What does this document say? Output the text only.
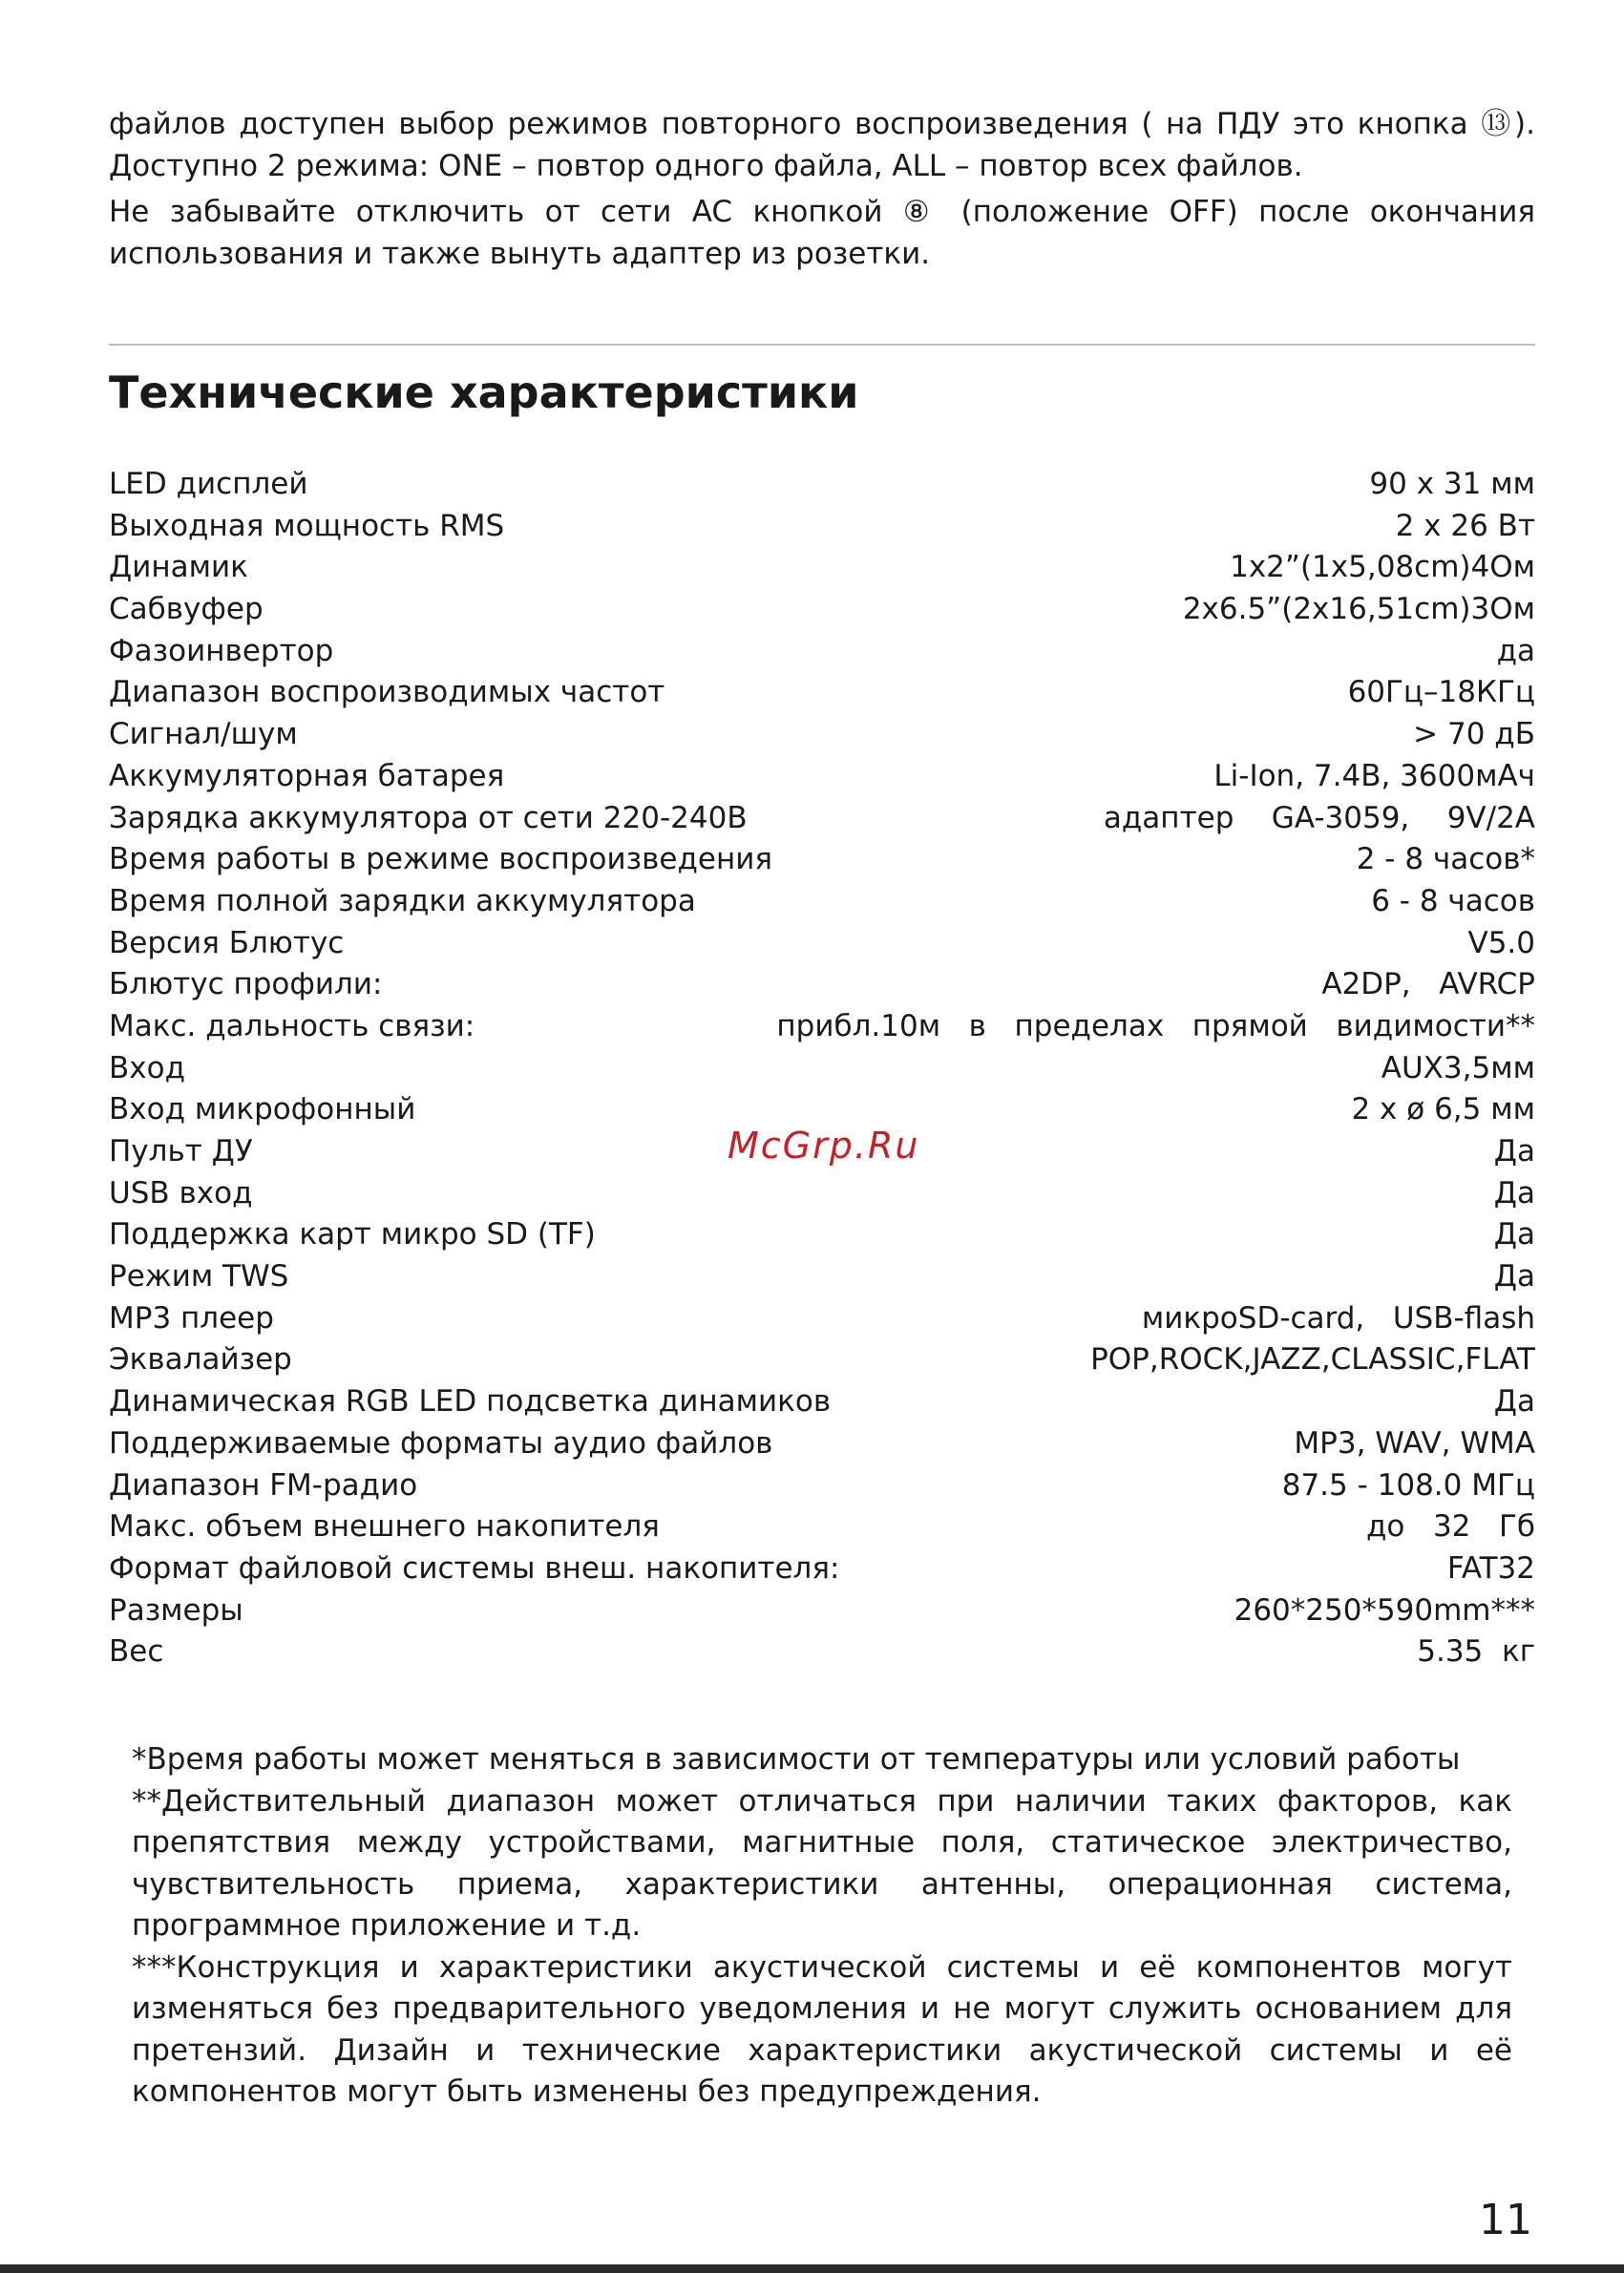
файлов доступен выбор режимов повторного воспроизведения ( на ПДУ это кнопка ⑬). Доступно 2 режима: ONE – повтор одного файла, ALL – повтор всех файлов.

Не забывайте отключить от сети AC кнопкой ⑧ (положение OFF) после окончания использования и также вынуть адаптер из розетки.

Технические характеристики
LED дисплей	90 х 31 мм
Выходная мощность RMS	2 х 26 Вт
Динамик	1х2”(1х5,08cm)4Ом
Сабвуфер	2х6.5”(2х16,51cm)3Ом
Фазоинвертор	да
Диапазон воспроизводимых частот	60Гц–18КГц
Сигнал/шум	> 70 дБ
Аккумуляторная батарея	Li-Ion, 7.4В, 3600мАч
Зарядка аккумулятора от сети 220-240В	адаптер    GA-3059,    9V/2A
Время работы в режиме воспроизведения	2 - 8 часов*
Время полной зарядки аккумулятора	6 - 8 часов
Версия Блютус	V5.0
Блютус профили:	A2DP,   AVRCP
Макс. дальность связи:	прибл.10м   в   пределах   прямой   видимости**
Вход	AUX3,5мм
Вход микрофонный	2 х ø 6,5 мм
Пульт ДУ	Да
USB вход	Да
Поддержка карт микро SD (TF)	Да
Режим TWS	Да
MP3 плеер	микроSD-card,   USB-flash
Эквалайзер	POP,ROCK,JAZZ,CLASSIC,FLAT
Динамическая RGB LED подсветка динамиков	Да
Поддерживаемые форматы аудио файлов	MP3, WAV, WMA
Диапазон FM-радио	87.5 - 108.0 МГц
Макс. объем внешнего накопителя	до   32   Гб
Формат файловой системы внеш. накопителя:	FAT32
Размеры	260*250*590mm***
Вес	5.35  кг
McGrp.Ru

*Время работы может меняться в зависимости от температуры или условий работы

**Действительный диапазон может отличаться при наличии таких факторов, как препятствия между устройствами, магнитные поля, статическое электричество, чувствительность приема, характеристики антенны, операционная система, программное приложение и т.д.

***Конструкция и характеристики акустической системы и её компонентов могут изменяться без предварительного уведомления и не могут служить основанием для претензий. Дизайн и технические характеристики акустической системы и её компонентов могут быть изменены без предупреждения.

11
